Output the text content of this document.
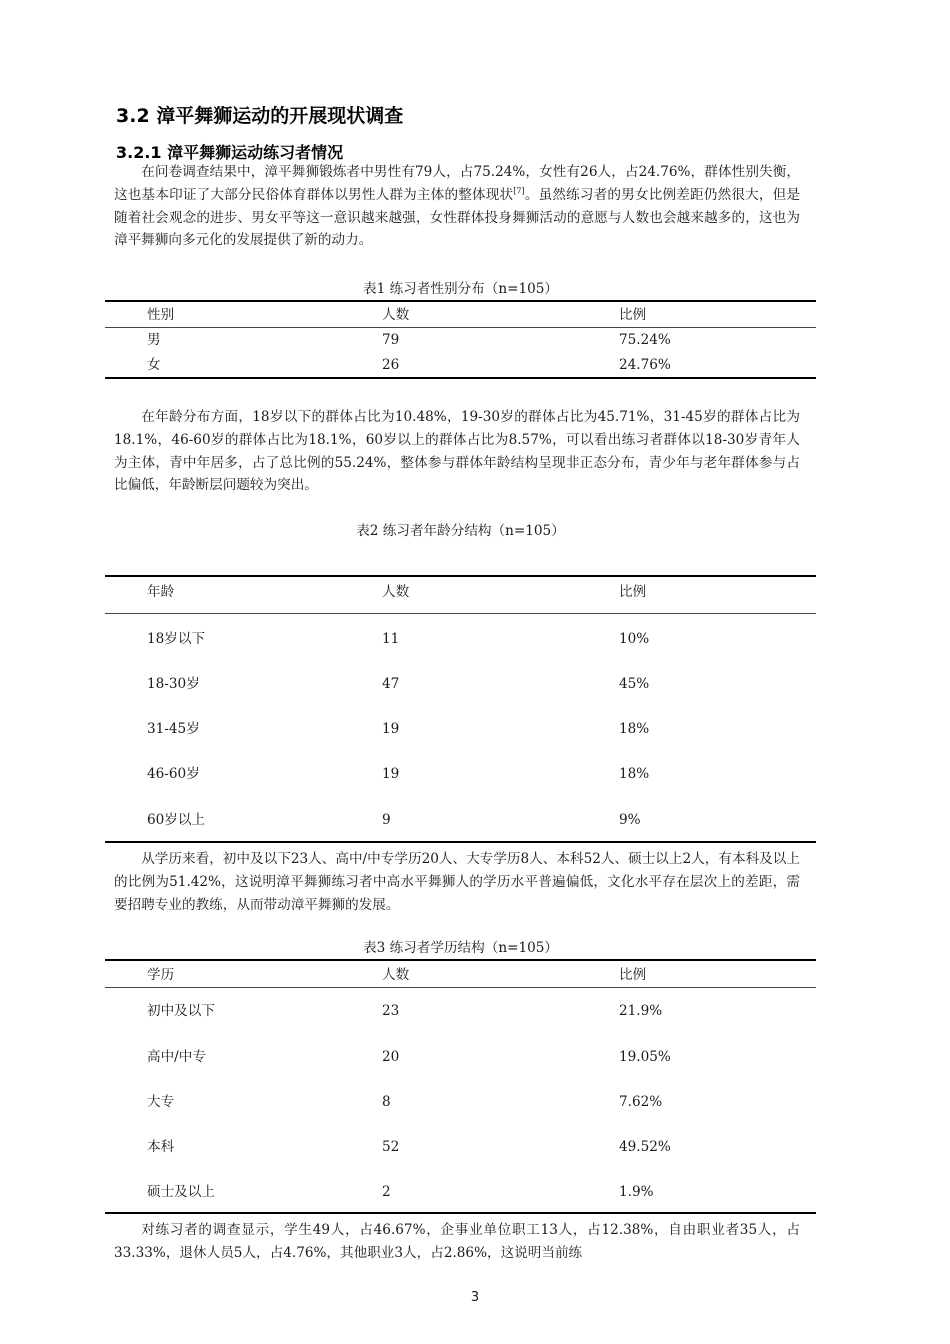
3.2 漳平舞狮运动的开展现状调查
3.2.1 漳平舞狮运动练习者情况

在问卷调查结果中，漳平舞狮锻炼者中男性有79人，占75.24%，女性有26人，占24.76%，群体性别失衡，这也基本印证了大部分民俗体育群体以男性人群为主体的整体现状[7]。虽然练习者的男女比例差距仍然很大，但是随着社会观念的进步、男女平等这一意识越来越强，女性群体投身舞狮活动的意愿与人数也会越来越多的，这也为漳平舞狮向多元化的发展提供了新的动力。

表1 练习者性别分布（n=105）
性别	人数	比例
男	79	75.24%
女	26	24.76%

在年龄分布方面，18岁以下的群体占比为10.48%，19-30岁的群体占比为45.71%，31-45岁的群体占比为18.1%，46-60岁的群体占比为18.1%，60岁以上的群体占比为8.57%，可以看出练习者群体以18-30岁青年人为主体，青中年居多，占了总比例的55.24%，整体参与群体年龄结构呈现非正态分布，青少年与老年群体参与占比偏低，年龄断层问题较为突出。

表2 练习者年龄分结构（n=105）
年龄	人数	比例
18岁以下	11	10%
18-30岁	47	45%
31-45岁	19	18%
46-60岁	19	18%
60岁以上	9	9%

从学历来看，初中及以下23人、高中/中专学历20人、大专学历8人、本科52人、硕士以上2人，有本科及以上的比例为51.42%，这说明漳平舞狮练习者中高水平舞狮人的学历水平普遍偏低，文化水平存在层次上的差距，需要招聘专业的教练，从而带动漳平舞狮的发展。

表3 练习者学历结构（n=105）
学历	人数	比例
初中及以下	23	21.9%
高中/中专	20	19.05%
大专	8	7.62%
本科	52	49.52%
硕士及以上	2	1.9%

对练习者的调查显示，学生49人，占46.67%，企事业单位职工13人，占12.38%，自由职业者35人，占33.33%，退休人员5人，占4.76%，其他职业3人，占2.86%，这说明当前练

3
